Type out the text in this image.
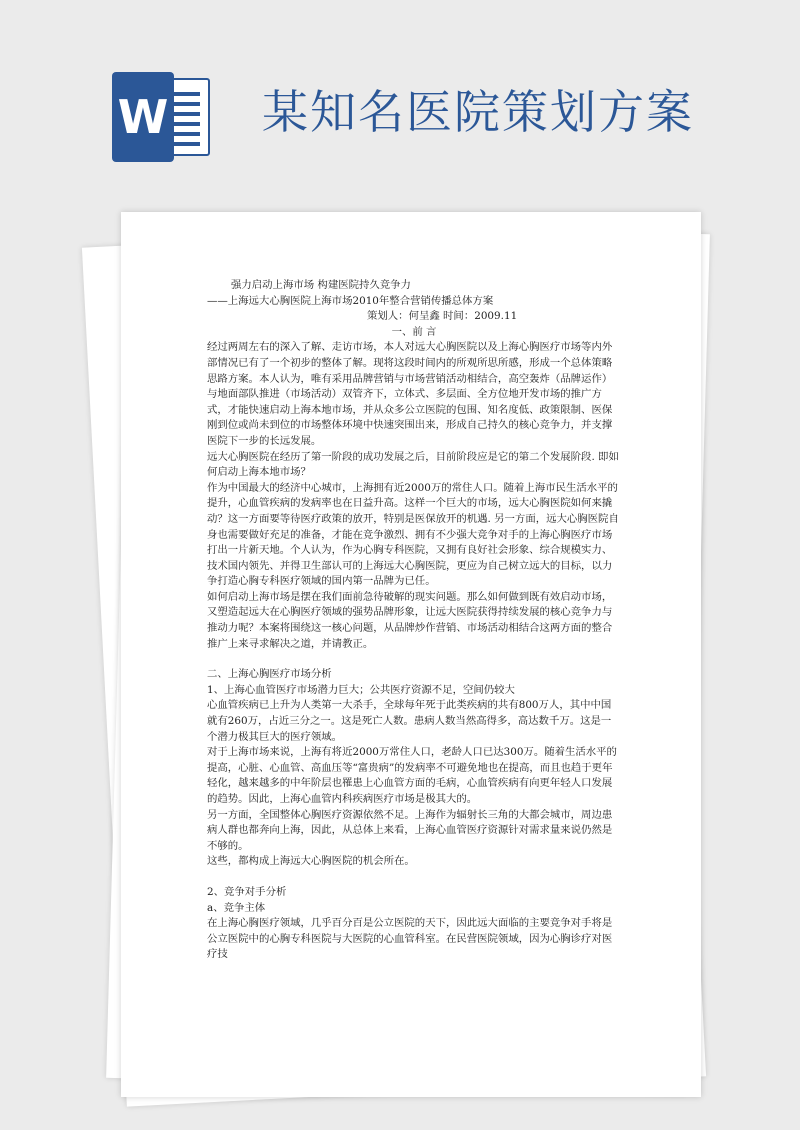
W 某知名医院策划方案

强力启动上海市场 构建医院持久竞争力

——上海远大心胸医院上海市场2010年整合营销传播总体方案

策划人：何呈鑫 时间：2009.11

一、前 言

经过两周左右的深入了解、走访市场，本人对远大心胸医院以及上海心胸医疗市场等内外部情况已有了一个初步的整体了解。现将这段时间内的所观所思所感，形成一个总体策略思路方案。本人认为，唯有采用品牌营销与市场营销活动相结合，高空轰炸（品牌运作）与地面部队推进（市场活动）双管齐下，立体式、多层面、全方位地开发市场的推广方式，才能快速启动上海本地市场，并从众多公立医院的包围、知名度低、政策限制、医保刚到位或尚未到位的市场整体环境中快速突围出来，形成自己持久的核心竞争力，并支撑医院下一步的长远发展。

远大心胸医院在经历了第一阶段的成功发展之后，目前阶段应是它的第二个发展阶段. 即如何启动上海本地市场？

作为中国最大的经济中心城市，上海拥有近2000万的常住人口。随着上海市民生活水平的提升，心血管疾病的发病率也在日益升高。这样一个巨大的市场，远大心胸医院如何来撬动？这一方面要等待医疗政策的放开，特别是医保放开的机遇. 另一方面，远大心胸医院自身也需要做好充足的准备，才能在竞争激烈、拥有不少强大竞争对手的上海心胸医疗市场打出一片新天地。个人认为，作为心胸专科医院，又拥有良好社会形象、综合规模实力、技术国内领先、并得卫生部认可的上海远大心胸医院，更应为自己树立远大的目标，以力争打造心胸专科医疗领域的国内第一品牌为已任。

如何启动上海市场是摆在我们面前急待破解的现实问题。那么如何做到既有效启动市场，又塑造起远大在心胸医疗领域的强势品牌形象，让远大医院获得持续发展的核心竞争力与推动力呢？本案将围绕这一核心问题，从品牌炒作营销、市场活动相结合这两方面的整合推广上来寻求解决之道，并请教正。

二、上海心胸医疗市场分析

1、上海心血管医疗市场潜力巨大；公共医疗资源不足，空间仍较大

心血管疾病已上升为人类第一大杀手，全球每年死于此类疾病的共有800万人，其中中国就有260万，占近三分之一。这是死亡人数。患病人数当然高得多，高达数千万。这是一个潜力极其巨大的医疗领域。

对于上海市场来说，上海有将近2000万常住人口，老龄人口已达300万。随着生活水平的提高，心脏、心血管、高血压等“富贵病”的发病率不可避免地也在提高，而且也趋于更年轻化，越来越多的中年阶层也罹患上心血管方面的毛病，心血管疾病有向更年轻人口发展的趋势。因此，上海心血管内科疾病医疗市场是极其大的。

另一方面，全国整体心胸医疗资源依然不足。上海作为辐射长三角的大都会城市，周边患病人群也都奔向上海，因此，从总体上来看，上海心血管医疗资源针对需求量来说仍然是不够的。

这些，都构成上海远大心胸医院的机会所在。

2、竞争对手分析

a、竞争主体

在上海心胸医疗领域，几乎百分百是公立医院的天下，因此远大面临的主要竞争对手将是公立医院中的心胸专科医院与大医院的心血管科室。在民营医院领域，因为心胸诊疗对医疗技
